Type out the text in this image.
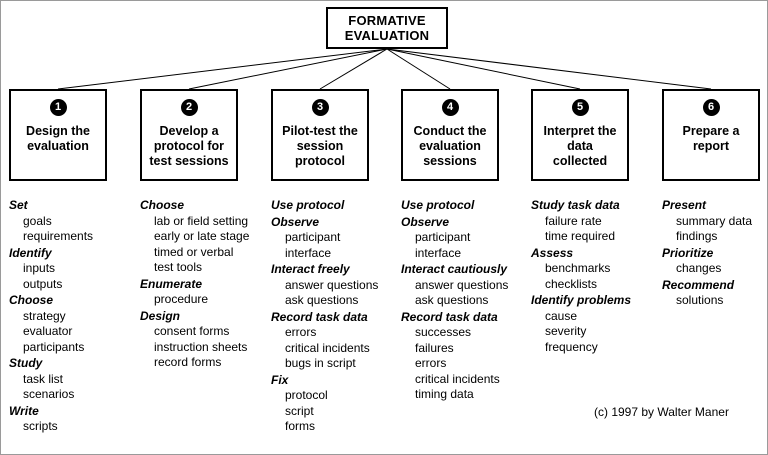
FORMATIVE
EVALUATION
1
Design the evaluation
2
Develop a protocol for test sessions
3
Pilot-test the session protocol
4
Conduct the evaluation sessions
5
Interpret the data collected
6
Prepare a report
Set
goals
requirements
Identify
inputs
outputs
Choose
strategy
evaluator
participants
Study
task list
scenarios
Write
scripts
Choose
lab or field setting
early or late stage
timed or verbal
test tools
Enumerate
procedure
Design
consent forms
instruction sheets
record forms
Use protocol
Observe
participant
interface
Interact freely
answer questions
ask questions
Record task data
errors
critical incidents
bugs in script
Fix
protocol
script
forms
Use protocol
Observe
participant
interface
Interact cautiously
answer questions
ask questions
Record task data
successes
failures
errors
critical incidents
timing data
Study task data
failure rate
time required
Assess
benchmarks
checklists
Identify problems
cause
severity
frequency
Present
summary data
findings
Prioritize
changes
Recommend
solutions
(c) 1997 by Walter Maner
